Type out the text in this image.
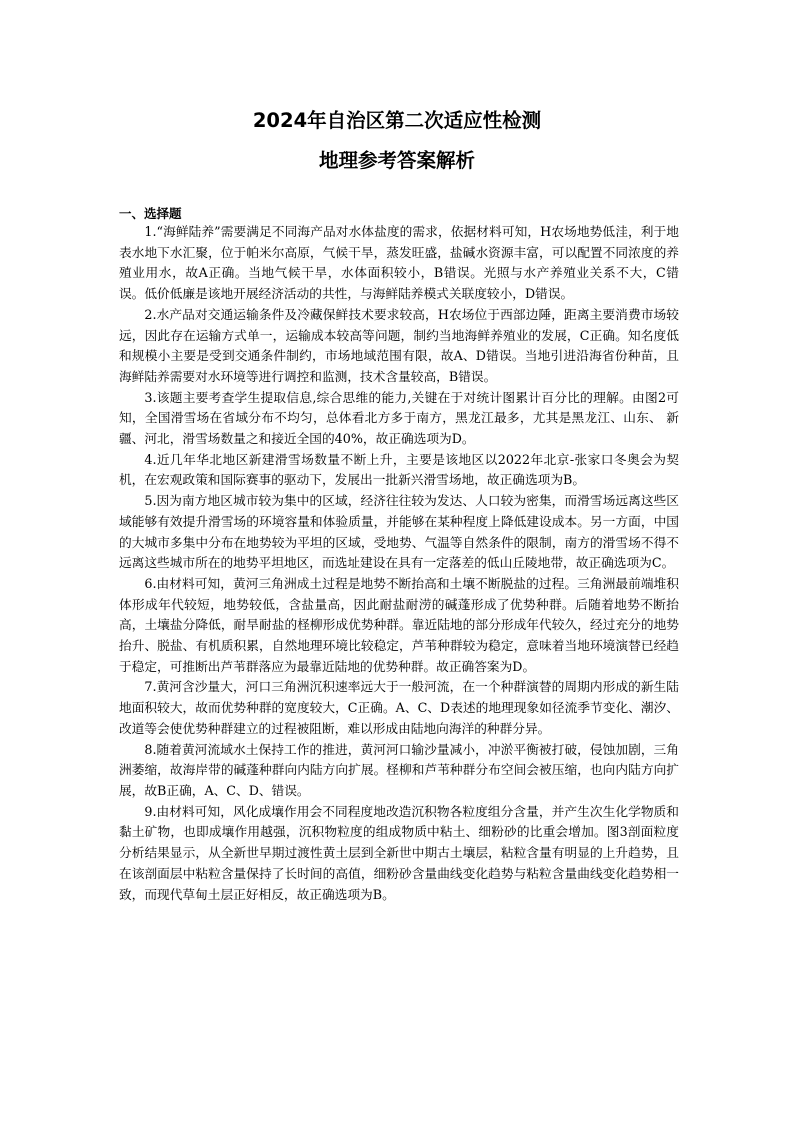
2024年自治区第二次适应性检测
地理参考答案解析
一、选择题

1.“海鲜陆养”需要满足不同海产品对水体盐度的需求，依据材料可知，H农场地势低洼，利于地表水地下水汇聚，位于帕米尔高原，气候干旱，蒸发旺盛，盐碱水资源丰富，可以配置不同浓度的养殖业用水，故A正确。当地气候干旱，水体面积较小，B错误。光照与水产养殖业关系不大，C错误。低价低廉是该地开展经济活动的共性，与海鲜陆养模式关联度较小，D错误。

2.水产品对交通运输条件及冷藏保鲜技术要求较高，H农场位于西部边陲，距离主要消费市场较远，因此存在运输方式单一，运输成本较高等问题，制约当地海鲜养殖业的发展，C正确。知名度低和规模小主要是受到交通条件制约，市场地域范围有限，故A、D错误。当地引进沿海省份种苗，且海鲜陆养需要对水环境等进行调控和监测，技术含量较高，B错误。

3.该题主要考查学生提取信息,综合思维的能力,关键在于对统计图累计百分比的理解。由图2可知，全国滑雪场在省域分布不均匀，总体看北方多于南方，黑龙江最多，尤其是黑龙江、山东、 新疆、河北，滑雪场数量之和接近全国的40%，故正确选项为D。

4.近几年华北地区新建滑雪场数量不断上升，主要是该地区以2022年北京-张家口冬奥会为契机，在宏观政策和国际赛事的驱动下，发展出一批新兴滑雪场地，故正确选项为B。

5.因为南方地区城市较为集中的区域，经济往往较为发达、人口较为密集，而滑雪场远离这些区域能够有效提升滑雪场的环境容量和体验质量，并能够在某种程度上降低建设成本。另一方面，中国的大城市多集中分布在地势较为平坦的区域，受地势、气温等自然条件的限制，南方的滑雪场不得不远离这些城市所在的地势平坦地区，而选址建设在具有一定落差的低山丘陵地带，故正确选项为C。

6.由材料可知，黄河三角洲成土过程是地势不断抬高和土壤不断脱盐的过程。三角洲最前端堆积体形成年代较短，地势较低，含盐量高，因此耐盐耐涝的碱蓬形成了优势种群。后随着地势不断抬高，土壤盐分降低，耐旱耐盐的柽柳形成优势种群。靠近陆地的部分形成年代较久，经过充分的地势抬升、脱盐、有机质积累，自然地理环境比较稳定，芦苇种群较为稳定，意味着当地环境演替已经趋于稳定，可推断出芦苇群落应为最靠近陆地的优势种群。故正确答案为D。

7.黄河含沙量大，河口三角洲沉积速率远大于一般河流，在一个种群演替的周期内形成的新生陆地面积较大，故而优势种群的宽度较大，C正确。A、C、D表述的地理现象如径流季节变化、潮汐、改道等会使优势种群建立的过程被阻断，难以形成由陆地向海洋的种群分异。

8.随着黄河流域水土保持工作的推进，黄河河口输沙量减小，冲淤平衡被打破，侵蚀加剧，三角洲萎缩，故海岸带的碱蓬种群向内陆方向扩展。柽柳和芦苇种群分布空间会被压缩，也向内陆方向扩展，故B正确，A、C、D、错误。

9.由材料可知，风化成壤作用会不同程度地改造沉积物各粒度组分含量，并产生次生化学物质和黏土矿物，也即成壤作用越强，沉积物粒度的组成物质中粘土、细粉砂的比重会增加。图3剖面粒度分析结果显示，从全新世早期过渡性黄土层到全新世中期古土壤层，粘粒含量有明显的上升趋势，且在该剖面层中粘粒含量保持了长时间的高值，细粉砂含量曲线变化趋势与粘粒含量曲线变化趋势相一致，而现代草甸土层正好相反，故正确选项为B。
